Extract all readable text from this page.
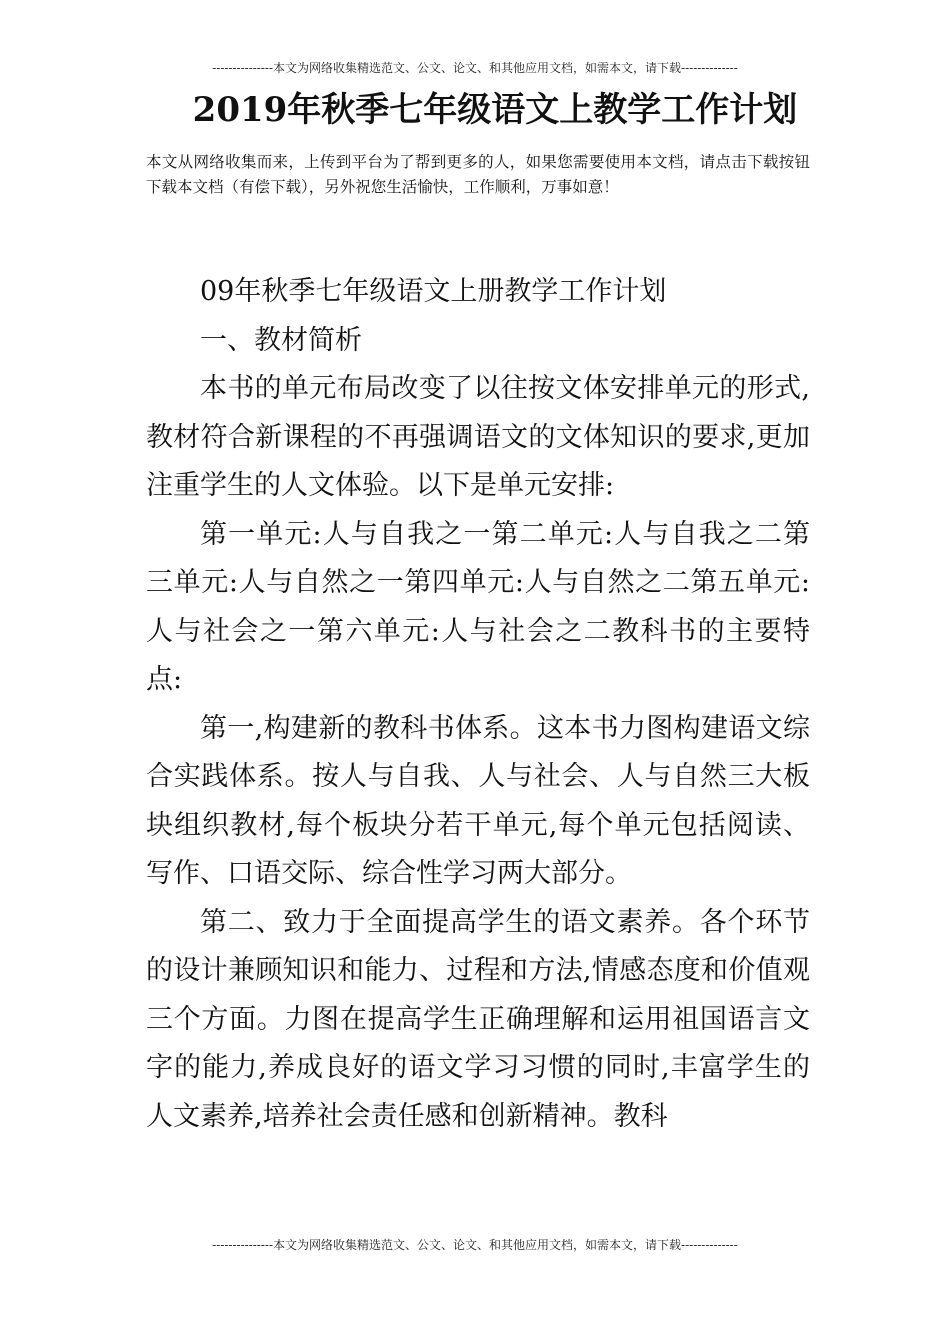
---------------本文为网络收集精选范文、公文、论文、和其他应用文档，如需本文，请下载--------------
2019年秋季七年级语文上教学工作计划

本文从网络收集而来，上传到平台为了帮到更多的人，如果您需要使用本文档，请点击下载按钮下载本文档（有偿下载），另外祝您生活愉快，工作顺利，万事如意！

09年秋季七年级语文上册教学工作计划

一、教材简析

本书的单元布局改变了以往按文体安排单元的形式,教材符合新课程的不再强调语文的文体知识的要求,更加注重学生的人文体验。以下是单元安排:

第一单元:人与自我之一第二单元:人与自我之二第三单元:人与自然之一第四单元:人与自然之二第五单元:人与社会之一第六单元:人与社会之二教科书的主要特点:

第一,构建新的教科书体系。这本书力图构建语文综合实践体系。按人与自我、人与社会、人与自然三大板块组织教材,每个板块分若干单元,每个单元包括阅读、写作、口语交际、综合性学习两大部分。

第二、致力于全面提高学生的语文素养。各个环节的设计兼顾知识和能力、过程和方法,情感态度和价值观三个方面。力图在提高学生正确理解和运用祖国语言文字的能力,养成良好的语文学习习惯的同时,丰富学生的人文素养,培养社会责任感和创新精神。教科

---------------本文为网络收集精选范文、公文、论文、和其他应用文档，如需本文，请下载--------------
